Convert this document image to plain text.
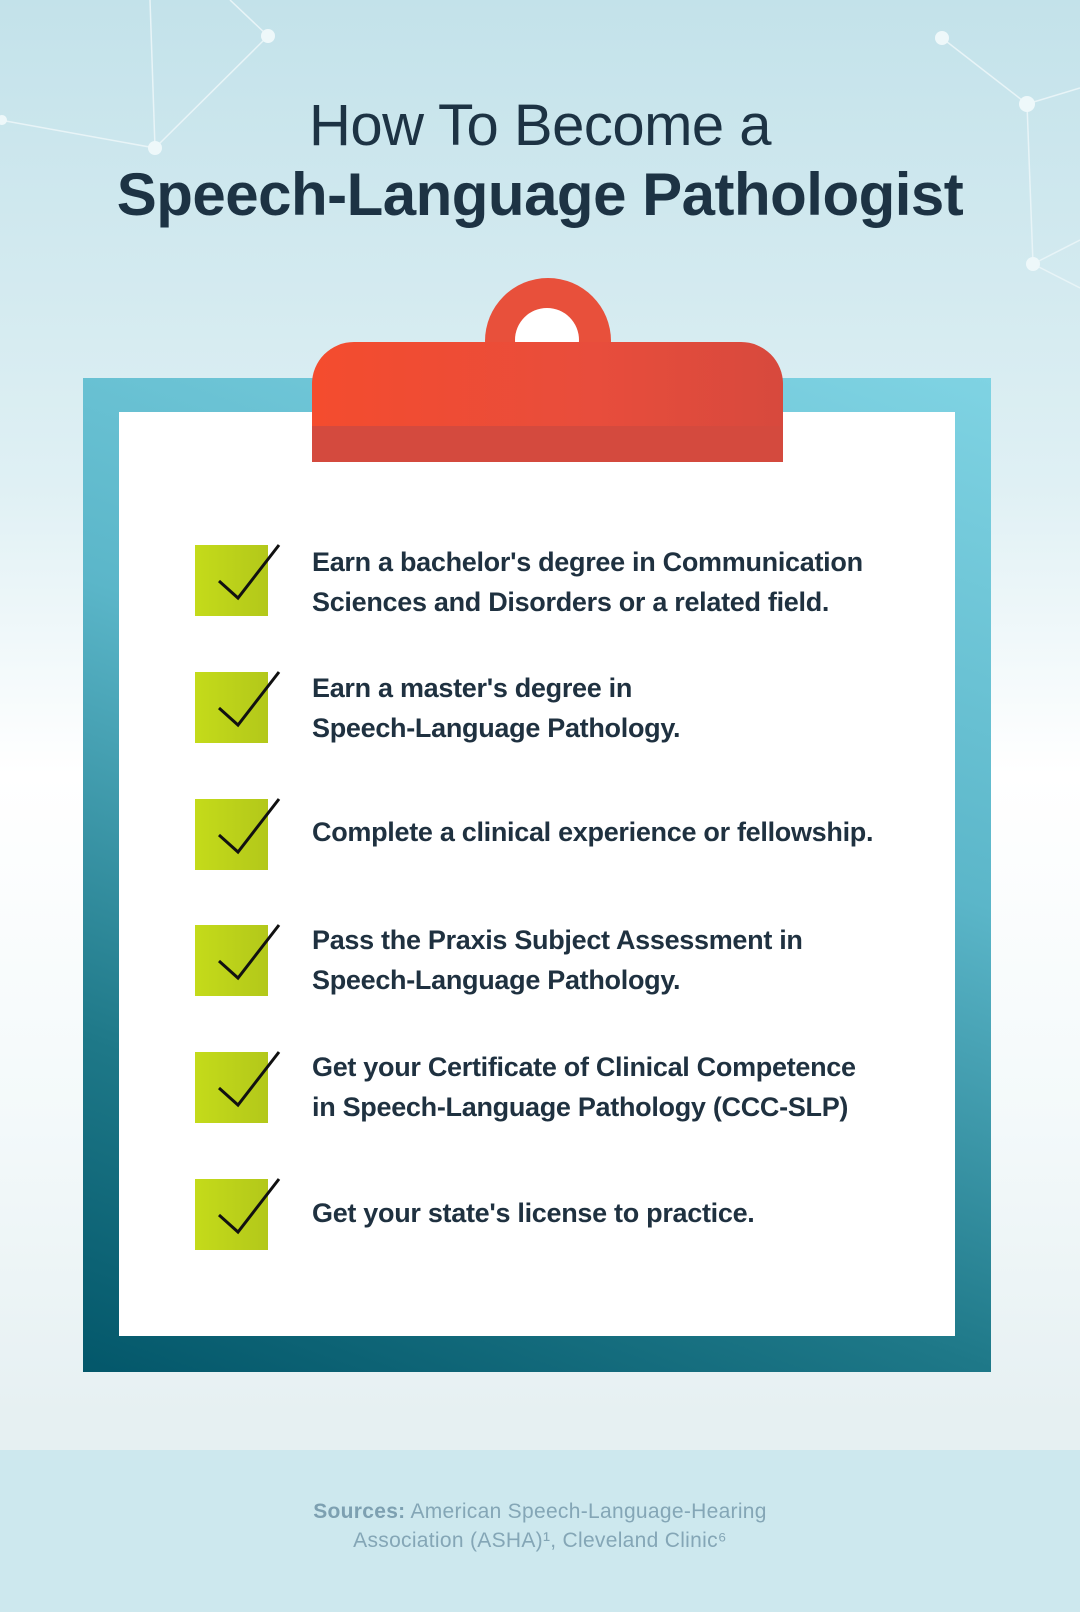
How To Become a
Speech-Language Pathologist
Earn a bachelor's degree in Communication
Sciences and Disorders or a related field.
Earn a master's degree in
Speech-Language Pathology.
Complete a clinical experience or fellowship.
Pass the Praxis Subject Assessment in
Speech-Language Pathology.
Get your Certificate of Clinical Competence
in Speech-Language Pathology (CCC-SLP)
Get your state's license to practice.
Sources: American Speech-Language-Hearing
Association (ASHA)¹, Cleveland Clinic⁶
